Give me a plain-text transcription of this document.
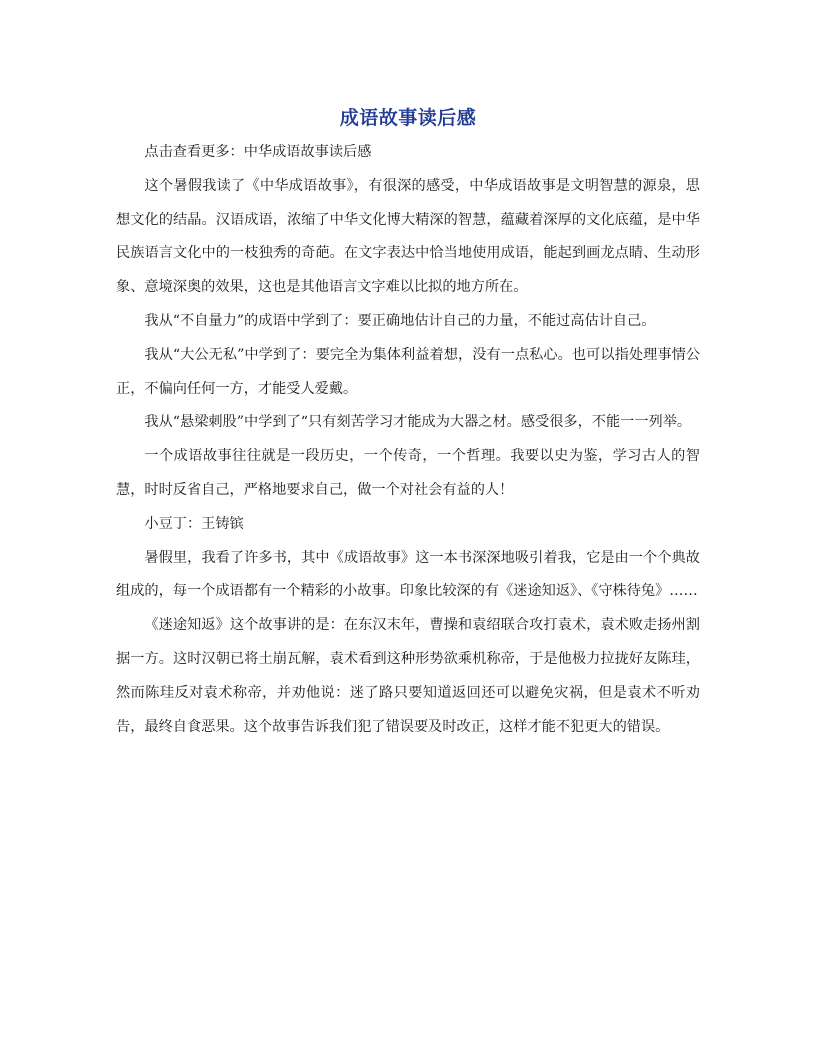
成语故事读后感

点击查看更多：中华成语故事读后感

这个暑假我读了《中华成语故事》，有很深的感受，中华成语故事是文明智慧的源泉，思想文化的结晶。汉语成语，浓缩了中华文化博大精深的智慧，蕴藏着深厚的文化底蕴，是中华民族语言文化中的一枝独秀的奇葩。在文字表达中恰当地使用成语，能起到画龙点睛、生动形象、意境深奥的效果，这也是其他语言文字难以比拟的地方所在。

我从“不自量力”的成语中学到了：要正确地估计自己的力量，不能过高估计自己。

我从“大公无私”中学到了：要完全为集体利益着想，没有一点私心。也可以指处理事情公正，不偏向任何一方，才能受人爱戴。

我从“悬梁刺股”中学到了“只有刻苦学习才能成为大器之材。感受很多，不能一一列举。

一个成语故事往往就是一段历史，一个传奇，一个哲理。我要以史为鉴，学习古人的智慧，时时反省自己，严格地要求自己，做一个对社会有益的人！

小豆丁：王铸镔

暑假里，我看了许多书，其中《成语故事》这一本书深深地吸引着我，它是由一个个典故组成的，每一个成语都有一个精彩的小故事。印象比较深的有《迷途知返》、《守株待兔》……

《迷途知返》这个故事讲的是：在东汉末年，曹操和袁绍联合攻打袁术，袁术败走扬州割据一方。这时汉朝已将土崩瓦解，袁术看到这种形势欲乘机称帝，于是他极力拉拢好友陈珪，然而陈珪反对袁术称帝，并劝他说：迷了路只要知道返回还可以避免灾祸，但是袁术不听劝告，最终自食恶果。这个故事告诉我们犯了错误要及时改正，这样才能不犯更大的错误。
